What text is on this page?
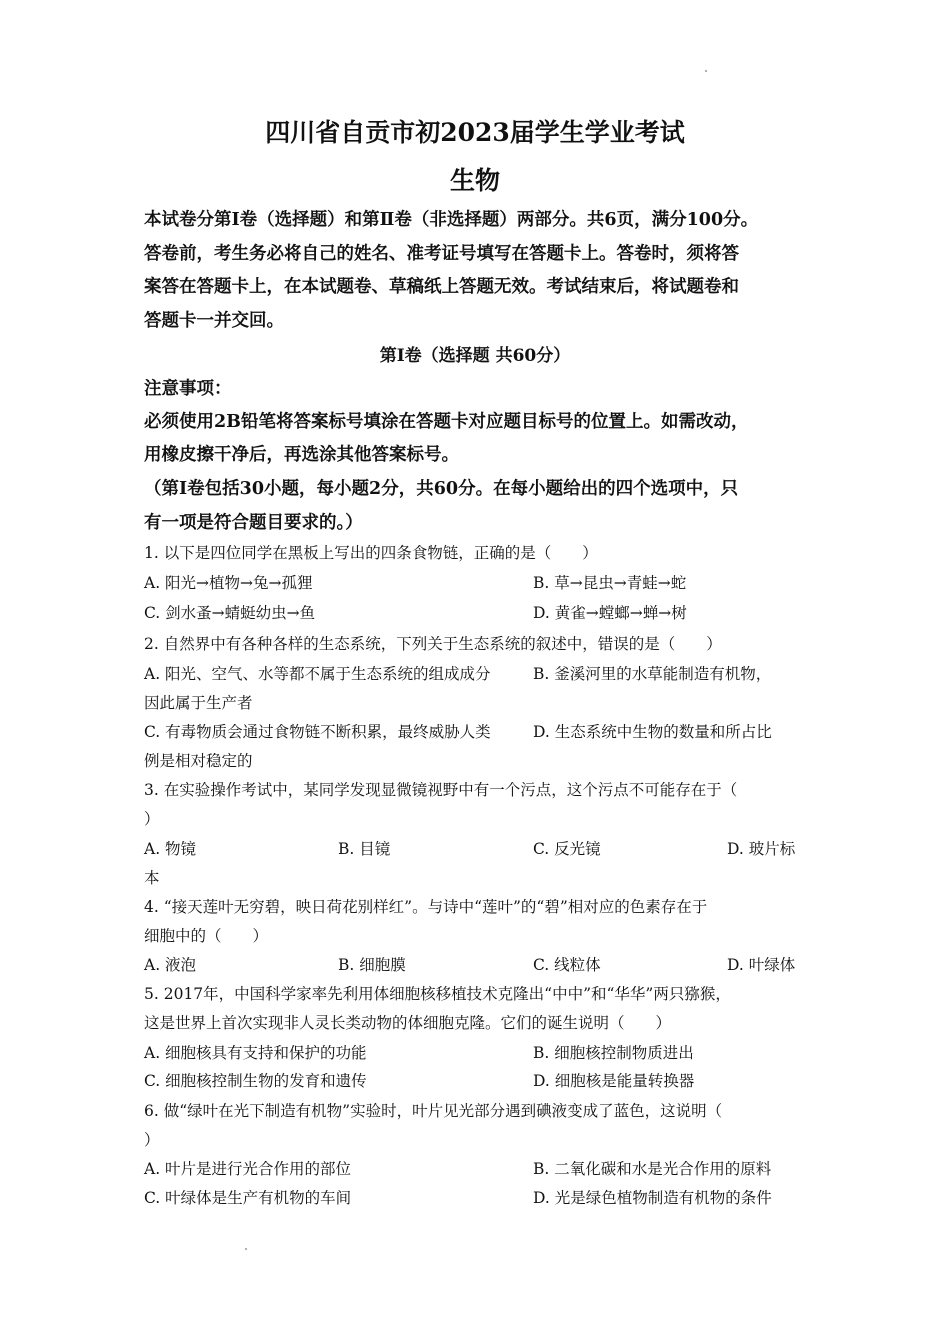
四川省自贡市初2023届学生学业考试
生物
本试卷分第Ⅰ卷（选择题）和第Ⅱ卷（非选择题）两部分。共6页，满分100分。
答卷前，考生务必将自己的姓名、准考证号填写在答题卡上。答卷时，须将答
案答在答题卡上，在本试题卷、草稿纸上答题无效。考试结束后，将试题卷和
答题卡一并交回。
第Ⅰ卷（选择题 共60分）
注意事项：
必须使用2B铅笔将答案标号填涂在答题卡对应题目标号的位置上。如需改动，
用橡皮擦干净后，再选涂其他答案标号。
（第Ⅰ卷包括30小题，每小题2分，共60分。在每小题给出的四个选项中，只
有一项是符合题目要求的。）
1. 以下是四位同学在黑板上写出的四条食物链，正确的是（　　）
A. 阳光→植物→兔→孤狸	B. 草→昆虫→青蛙→蛇
C. 剑水蚤→蜻蜓幼虫→鱼	D. 黄雀→螳螂→蝉→树
2. 自然界中有各种各样的生态系统，下列关于生态系统的叙述中，错误的是（　　）
A. 阳光、空气、水等都不属于生态系统的组成成分	B. 釜溪河里的水草能制造有机物，
因此属于生产者
C. 有毒物质会通过食物链不断积累，最终威胁人类	D. 生态系统中生物的数量和所占比
例是相对稳定的
3. 在实验操作考试中，某同学发现显微镜视野中有一个污点，这个污点不可能存在于（
）
A. 物镜	B. 目镜	C. 反光镜	D. 玻片标
本
4. “接天莲叶无穷碧，映日荷花别样红”。与诗中“莲叶”的“碧”相对应的色素存在于
细胞中的（　　）
A. 液泡	B. 细胞膜	C. 线粒体	D. 叶绿体
5. 2017年，中国科学家率先利用体细胞核移植技术克隆出“中中”和“华华”两只猕猴，
这是世界上首次实现非人灵长类动物的体细胞克隆。它们的诞生说明（　　）
A. 细胞核具有支持和保护的功能	B. 细胞核控制物质进出
C. 细胞核控制生物的发育和遗传	D. 细胞核是能量转换器
6. 做“绿叶在光下制造有机物”实验时，叶片见光部分遇到碘液变成了蓝色，这说明（
）
A. 叶片是进行光合作用的部位	B. 二氧化碳和水是光合作用的原料
C. 叶绿体是生产有机物的车间	D. 光是绿色植物制造有机物的条件
